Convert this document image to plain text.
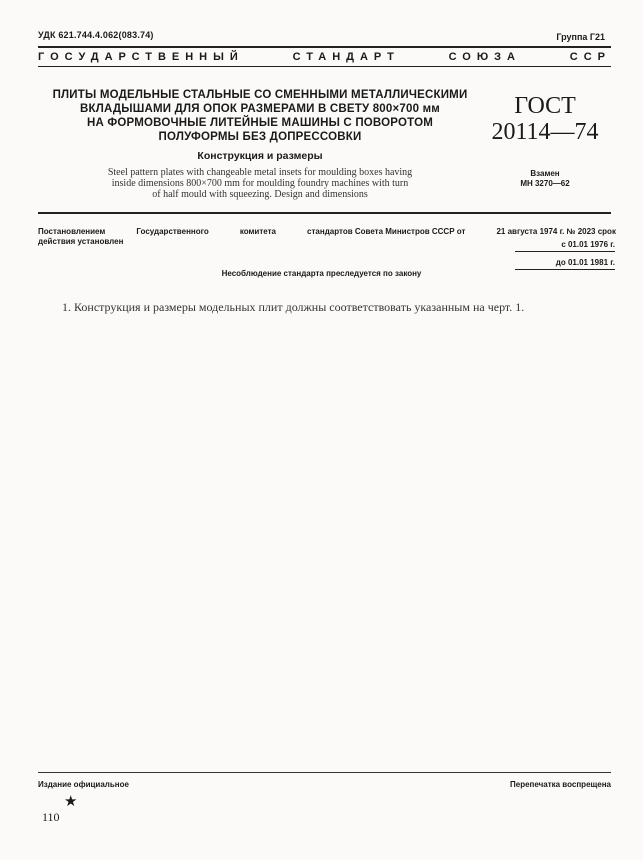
УДК 621.744.4.062(083.74)	Группа Г21
ГОСУДАРСТВЕННЫЙ	СТАНДАРТ	СОЮЗА	ССР
ПЛИТЫ МОДЕЛЬНЫЕ СТАЛЬНЫЕ СО СМЕННЫМИ МЕТАЛЛИЧЕСКИМИ
ВКЛАДЫШАМИ ДЛЯ ОПОК РАЗМЕРАМИ В СВЕТУ 800×700 мм
НА ФОРМОВОЧНЫЕ ЛИТЕЙНЫЕ МАШИНЫ С ПОВОРОТОМ
ПОЛУФОРМЫ БЕЗ ДОПРЕССОВКИ
Конструкция и размеры
Steel pattern plates with changeable metal insets for moulding boxes having
inside dimensions 800×700 mm for moulding foundry machines with turn
of half mould with squeezing. Design and dimensions
ГОСТ
20114—74
Взамен
МН 3270—62
Постановлением	Государственного	комитета	стандартов Совета Министров СССР от	21 августа 1974 г. № 2023 срок
действия установлен	с 01.01 1976 г.
до 01.01 1981 г.
Несоблюдение стандарта преследуется по закону
1. Конструкция и размеры модельных плит должны соответствовать указанным на черт. 1.
Издание официальное	Перепечатка воспрещена
★
110
